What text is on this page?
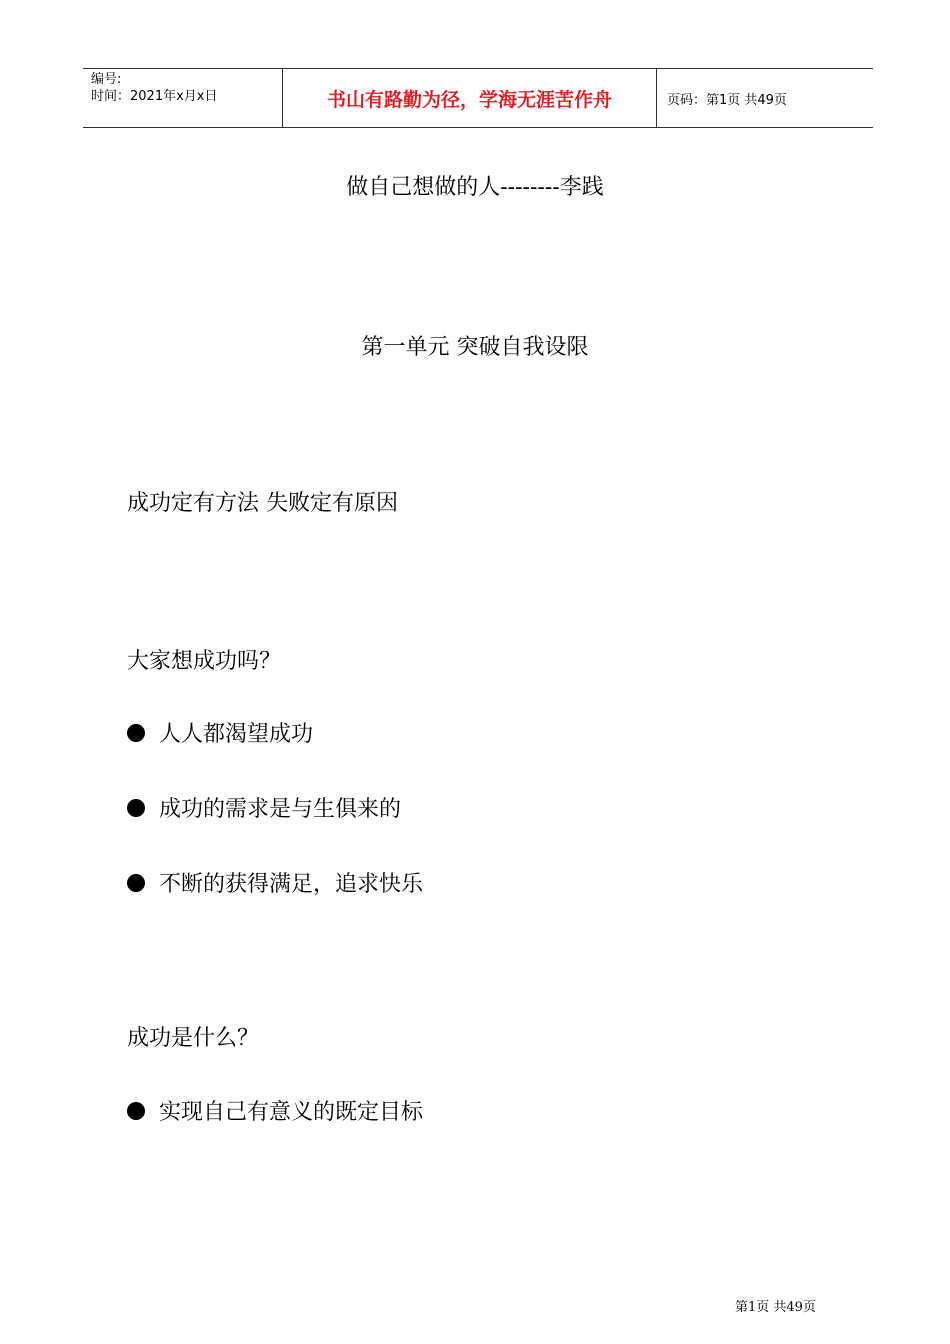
编号:
时间：2021年x月x日	书山有路勤为径，学海无涯苦作舟	页码：第1页 共49页
做自己想做的人--------李践
第一单元 突破自我设限
成功定有方法 失败定有原因
大家想成功吗？
人人都渴望成功
成功的需求是与生俱来的
不断的获得满足，追求快乐
成功是什么？
实现自己有意义的既定目标
第1页 共49页
